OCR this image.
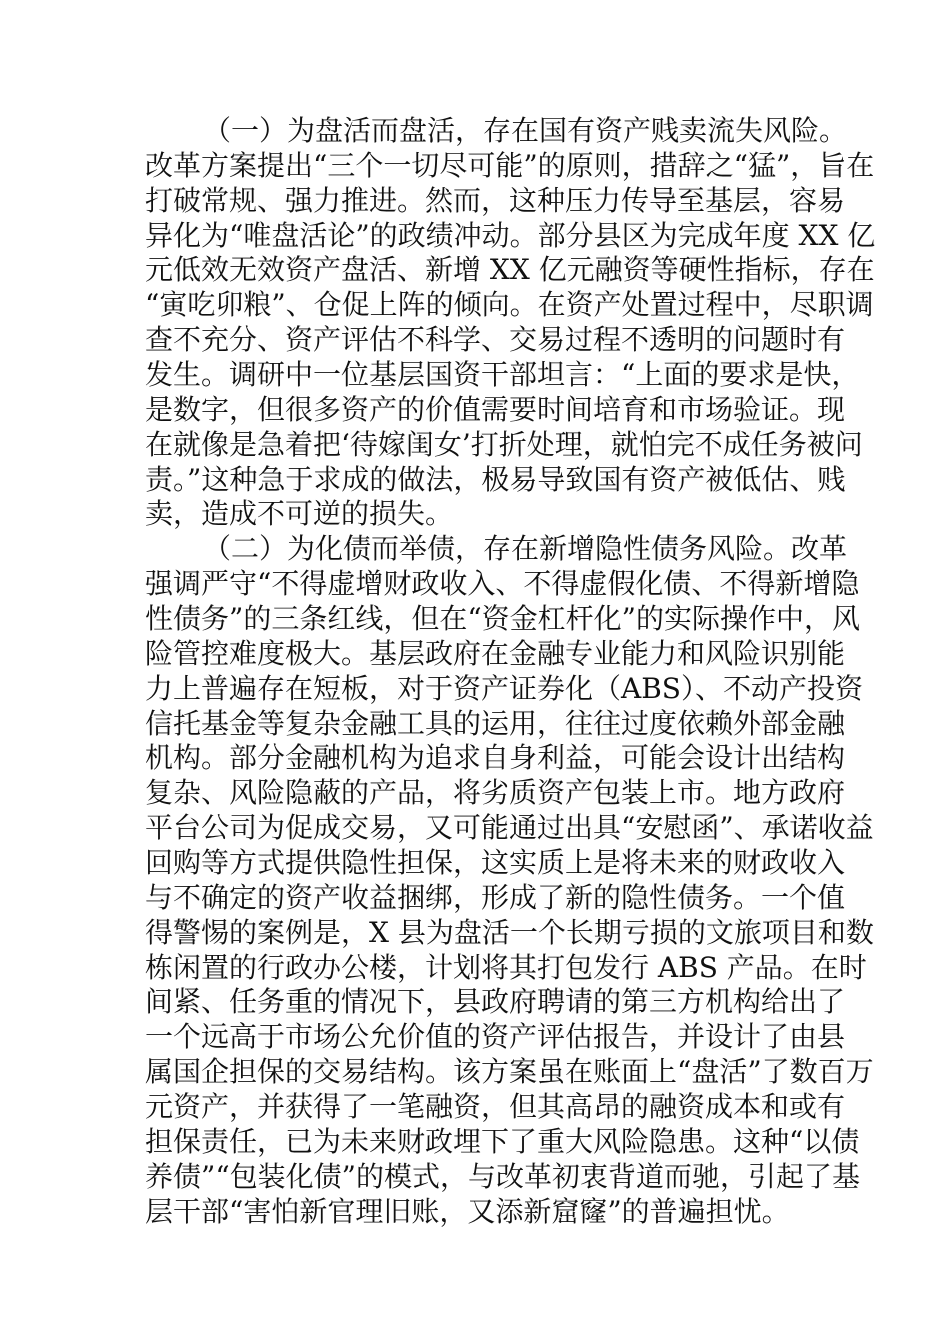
（一）为盘活而盘活，存在国有资产贱卖流失风险。
改革方案提出“三个一切尽可能”的原则，措辞之“猛”，旨在
打破常规、强力推进。然而，这种压力传导至基层，容易
异化为“唯盘活论”的政绩冲动。部分县区为完成年度 XX 亿
元低效无效资产盘活、新增 XX 亿元融资等硬性指标，存在
“寅吃卯粮”、仓促上阵的倾向。在资产处置过程中，尽职调
查不充分、资产评估不科学、交易过程不透明的问题时有
发生。调研中一位基层国资干部坦言：“上面的要求是快，
是数字，但很多资产的价值需要时间培育和市场验证。现
在就像是急着把‘待嫁闺女’打折处理，就怕完不成任务被问
责。”这种急于求成的做法，极易导致国有资产被低估、贱
卖，造成不可逆的损失。
（二）为化债而举债，存在新增隐性债务风险。改革
强调严守“不得虚增财政收入、不得虚假化债、不得新增隐
性债务”的三条红线，但在“资金杠杆化”的实际操作中，风
险管控难度极大。基层政府在金融专业能力和风险识别能
力上普遍存在短板，对于资产证券化（ABS）、不动产投资
信托基金等复杂金融工具的运用，往往过度依赖外部金融
机构。部分金融机构为追求自身利益，可能会设计出结构
复杂、风险隐蔽的产品，将劣质资产包装上市。地方政府
平台公司为促成交易，又可能通过出具“安慰函”、承诺收益
回购等方式提供隐性担保，这实质上是将未来的财政收入
与不确定的资产收益捆绑，形成了新的隐性债务。一个值
得警惕的案例是，X 县为盘活一个长期亏损的文旅项目和数
栋闲置的行政办公楼，计划将其打包发行 ABS 产品。在时
间紧、任务重的情况下，县政府聘请的第三方机构给出了
一个远高于市场公允价值的资产评估报告，并设计了由县
属国企担保的交易结构。该方案虽在账面上“盘活”了数百万
元资产，并获得了一笔融资，但其高昂的融资成本和或有
担保责任，已为未来财政埋下了重大风险隐患。这种“以债
养债”“包装化债”的模式，与改革初衷背道而驰，引起了基
层干部“害怕新官理旧账，又添新窟窿”的普遍担忧。
